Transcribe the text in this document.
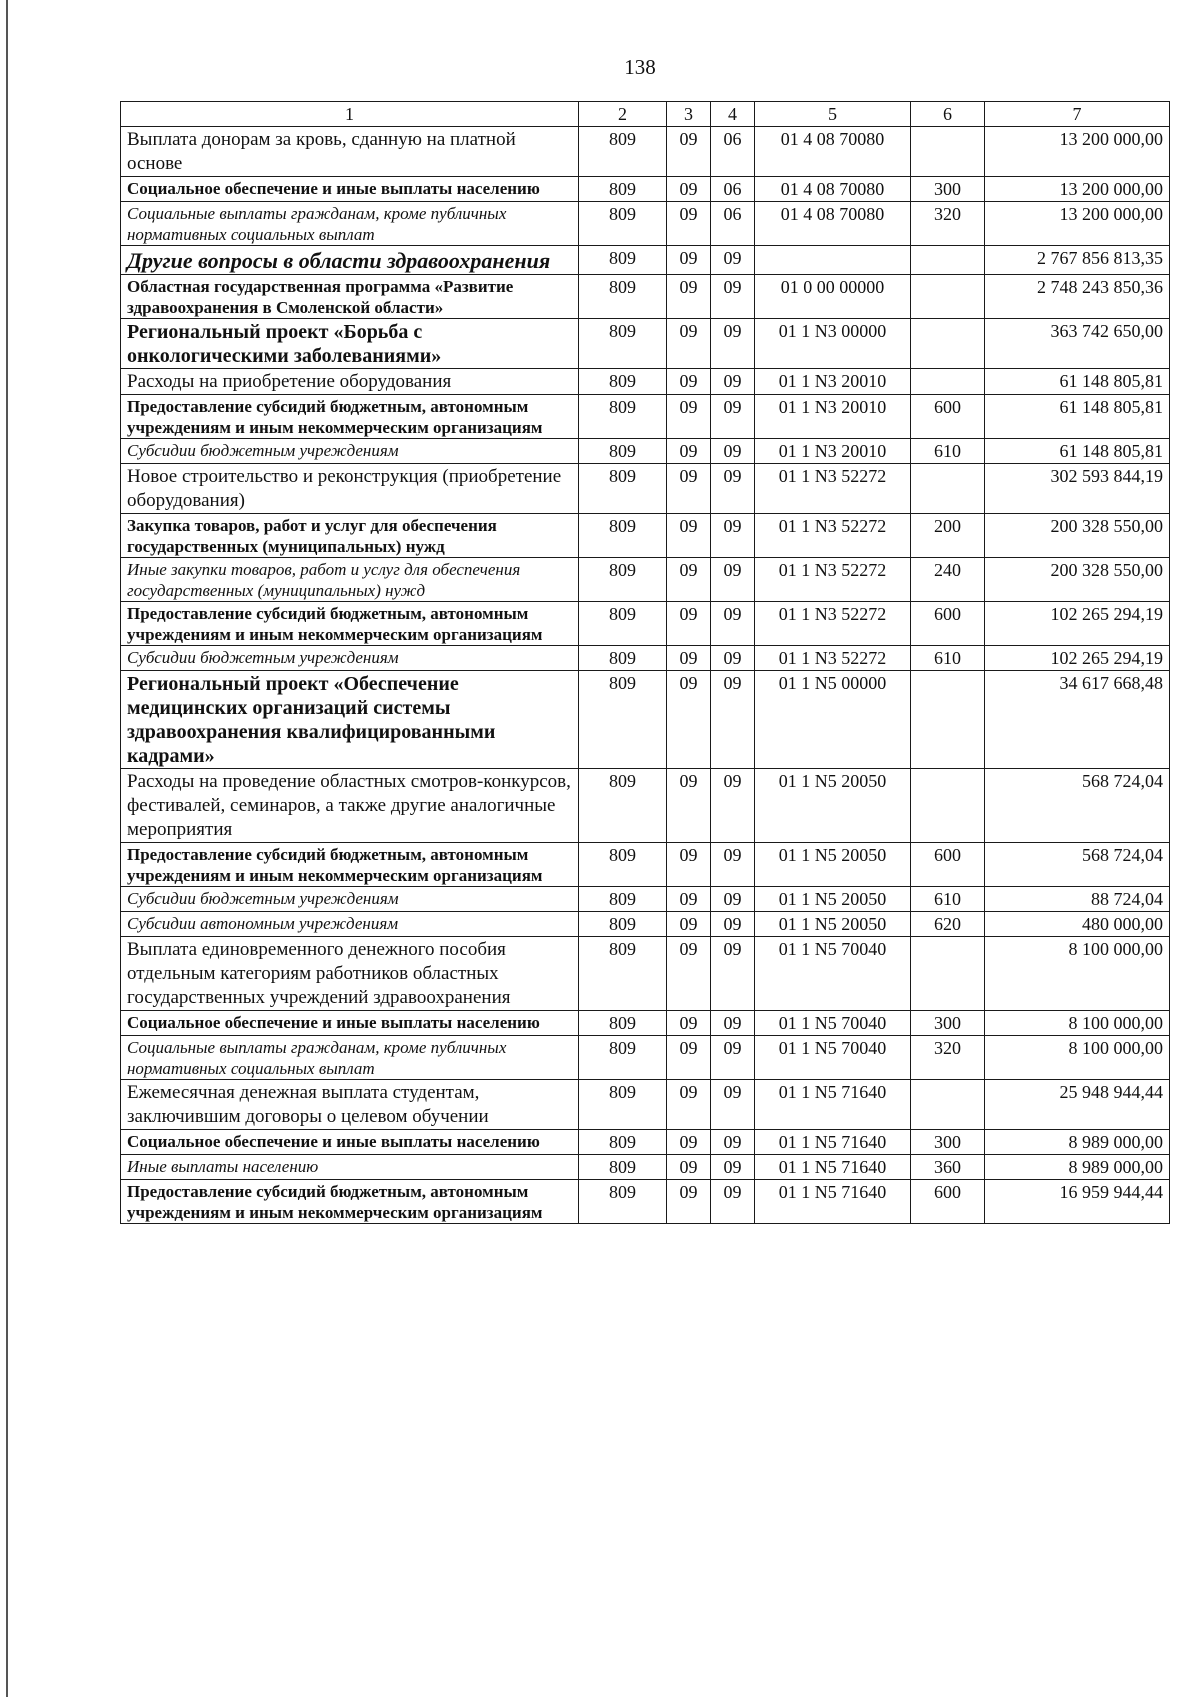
138
1	2	3	4	5	6	7
Выплата донорам за кровь, сданную на платной основе	809	09	06	01 4 08 70080		13 200 000,00
Социальное обеспечение и иные выплаты населению	809	09	06	01 4 08 70080	300	13 200 000,00
Социальные выплаты гражданам, кроме публичных нормативных социальных выплат	809	09	06	01 4 08 70080	320	13 200 000,00
Другие вопросы в области здравоохранения	809	09	09			2 767 856 813,35
Областная государственная программа «Развитие здравоохранения в Смоленской области»	809	09	09	01 0 00 00000		2 748 243 850,36
Региональный проект «Борьба с онкологическими заболеваниями»	809	09	09	01 1 N3 00000		363 742 650,00
Расходы на приобретение оборудования	809	09	09	01 1 N3 20010		61 148 805,81
Предоставление субсидий бюджетным, автономным учреждениям и иным некоммерческим организациям	809	09	09	01 1 N3 20010	600	61 148 805,81
Субсидии бюджетным учреждениям	809	09	09	01 1 N3 20010	610	61 148 805,81
Новое строительство и реконструкция (приобретение оборудования)	809	09	09	01 1 N3 52272		302 593 844,19
Закупка товаров, работ и услуг для обеспечения государственных (муниципальных) нужд	809	09	09	01 1 N3 52272	200	200 328 550,00
Иные закупки товаров, работ и услуг для обеспечения государственных (муниципальных) нужд	809	09	09	01 1 N3 52272	240	200 328 550,00
Предоставление субсидий бюджетным, автономным учреждениям и иным некоммерческим организациям	809	09	09	01 1 N3 52272	600	102 265 294,19
Субсидии бюджетным учреждениям	809	09	09	01 1 N3 52272	610	102 265 294,19
Региональный проект «Обеспечение медицинских организаций системы здравоохранения квалифицированными кадрами»	809	09	09	01 1 N5 00000		34 617 668,48
Расходы на проведение областных смотров-конкурсов, фестивалей, семинаров, а также другие аналогичные мероприятия	809	09	09	01 1 N5 20050		568 724,04
Предоставление субсидий бюджетным, автономным учреждениям и иным некоммерческим организациям	809	09	09	01 1 N5 20050	600	568 724,04
Субсидии бюджетным учреждениям	809	09	09	01 1 N5 20050	610	88 724,04
Субсидии автономным учреждениям	809	09	09	01 1 N5 20050	620	480 000,00
Выплата единовременного денежного пособия отдельным категориям работников областных государственных учреждений здравоохранения	809	09	09	01 1 N5 70040		8 100 000,00
Социальное обеспечение и иные выплаты населению	809	09	09	01 1 N5 70040	300	8 100 000,00
Социальные выплаты гражданам, кроме публичных нормативных социальных выплат	809	09	09	01 1 N5 70040	320	8 100 000,00
Ежемесячная денежная выплата студентам, заключившим договоры о целевом обучении	809	09	09	01 1 N5 71640		25 948 944,44
Социальное обеспечение и иные выплаты населению	809	09	09	01 1 N5 71640	300	8 989 000,00
Иные выплаты населению	809	09	09	01 1 N5 71640	360	8 989 000,00
Предоставление субсидий бюджетным, автономным учреждениям и иным некоммерческим организациям	809	09	09	01 1 N5 71640	600	16 959 944,44
